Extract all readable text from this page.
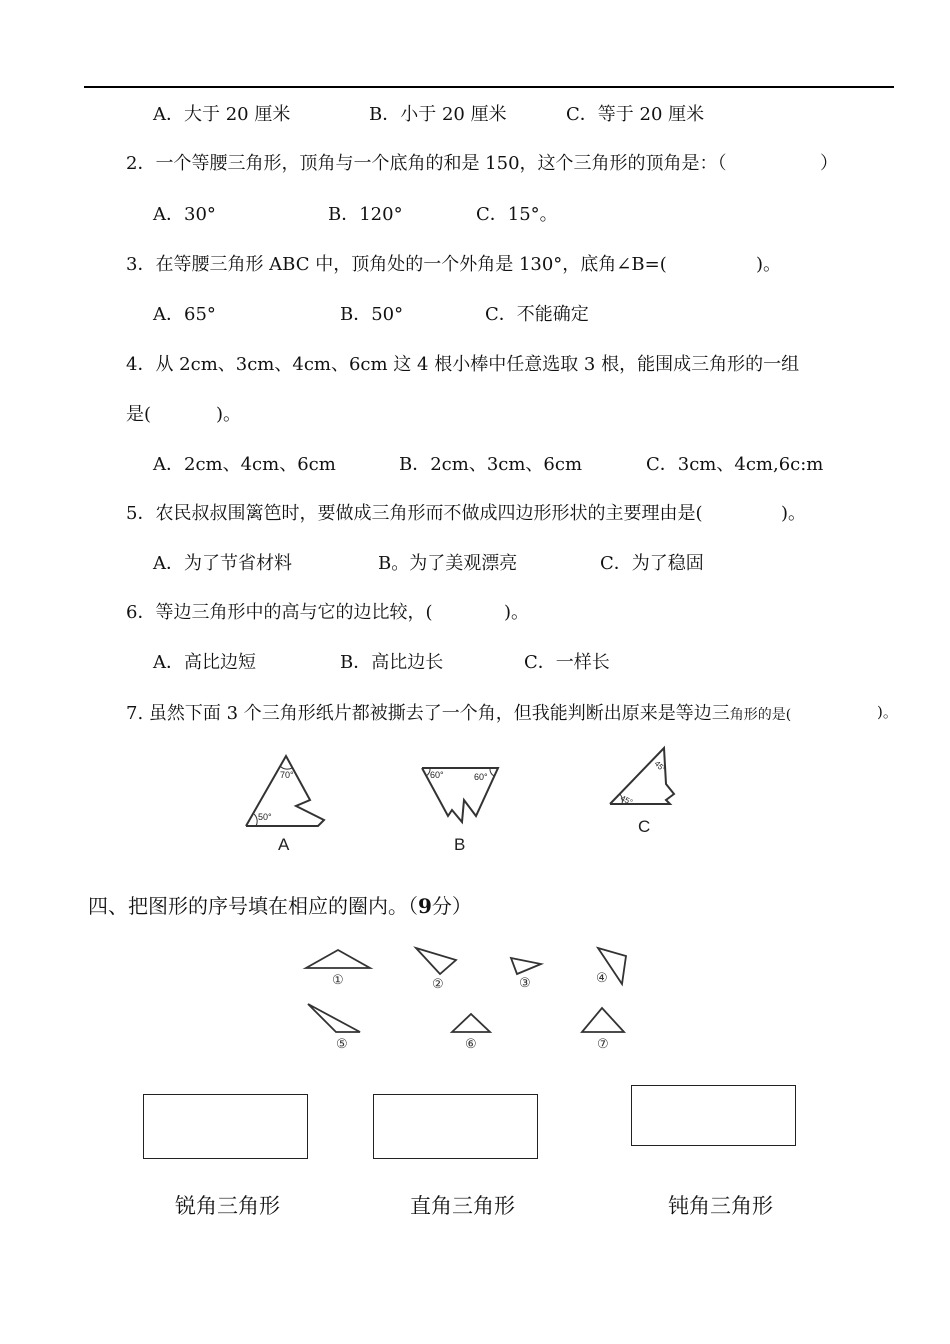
A．大于 20 厘米	B．小于 20 厘米	C．等于 20 厘米
2．一个等腰三角形，顶角与一个底角的和是 150，这个三角形的顶角是：（	）
A．30°	B．120°	C．15°。
3．在等腰三角形 ABC 中，顶角处的一个外角是 130°，底角∠B=(	)。
A．65°	B．50°	C．不能确定
4．从 2cm、3cm、4cm、6cm 这 4 根小棒中任意选取 3 根，能围成三角形的一组
是(	)。
A．2cm、4cm、6cm	B．2cm、3cm、6cm	C．3cm、4cm,6c:m
5．农民叔叔围篱笆时，要做成三角形而不做成四边形形状的主要理由是(	)。
A．为了节省材料	B。为了美观漂亮	C．为了稳固
6．等边三角形中的高与它的边比较，(	)。
A．高比边短	B．高比边长	C．一样长
7. 虽然下面 3 个三角形纸片都被撕去了一个角，但我能判断出原来是等边三角形的是(	)。
70°
50°
A
60°	60°
B
45°
45°
C
四、把图形的序号填在相应的圈内。（9分）
①	②	③	④
⑤	⑥	⑦
锐角三角形	直角三角形	钝角三角形
